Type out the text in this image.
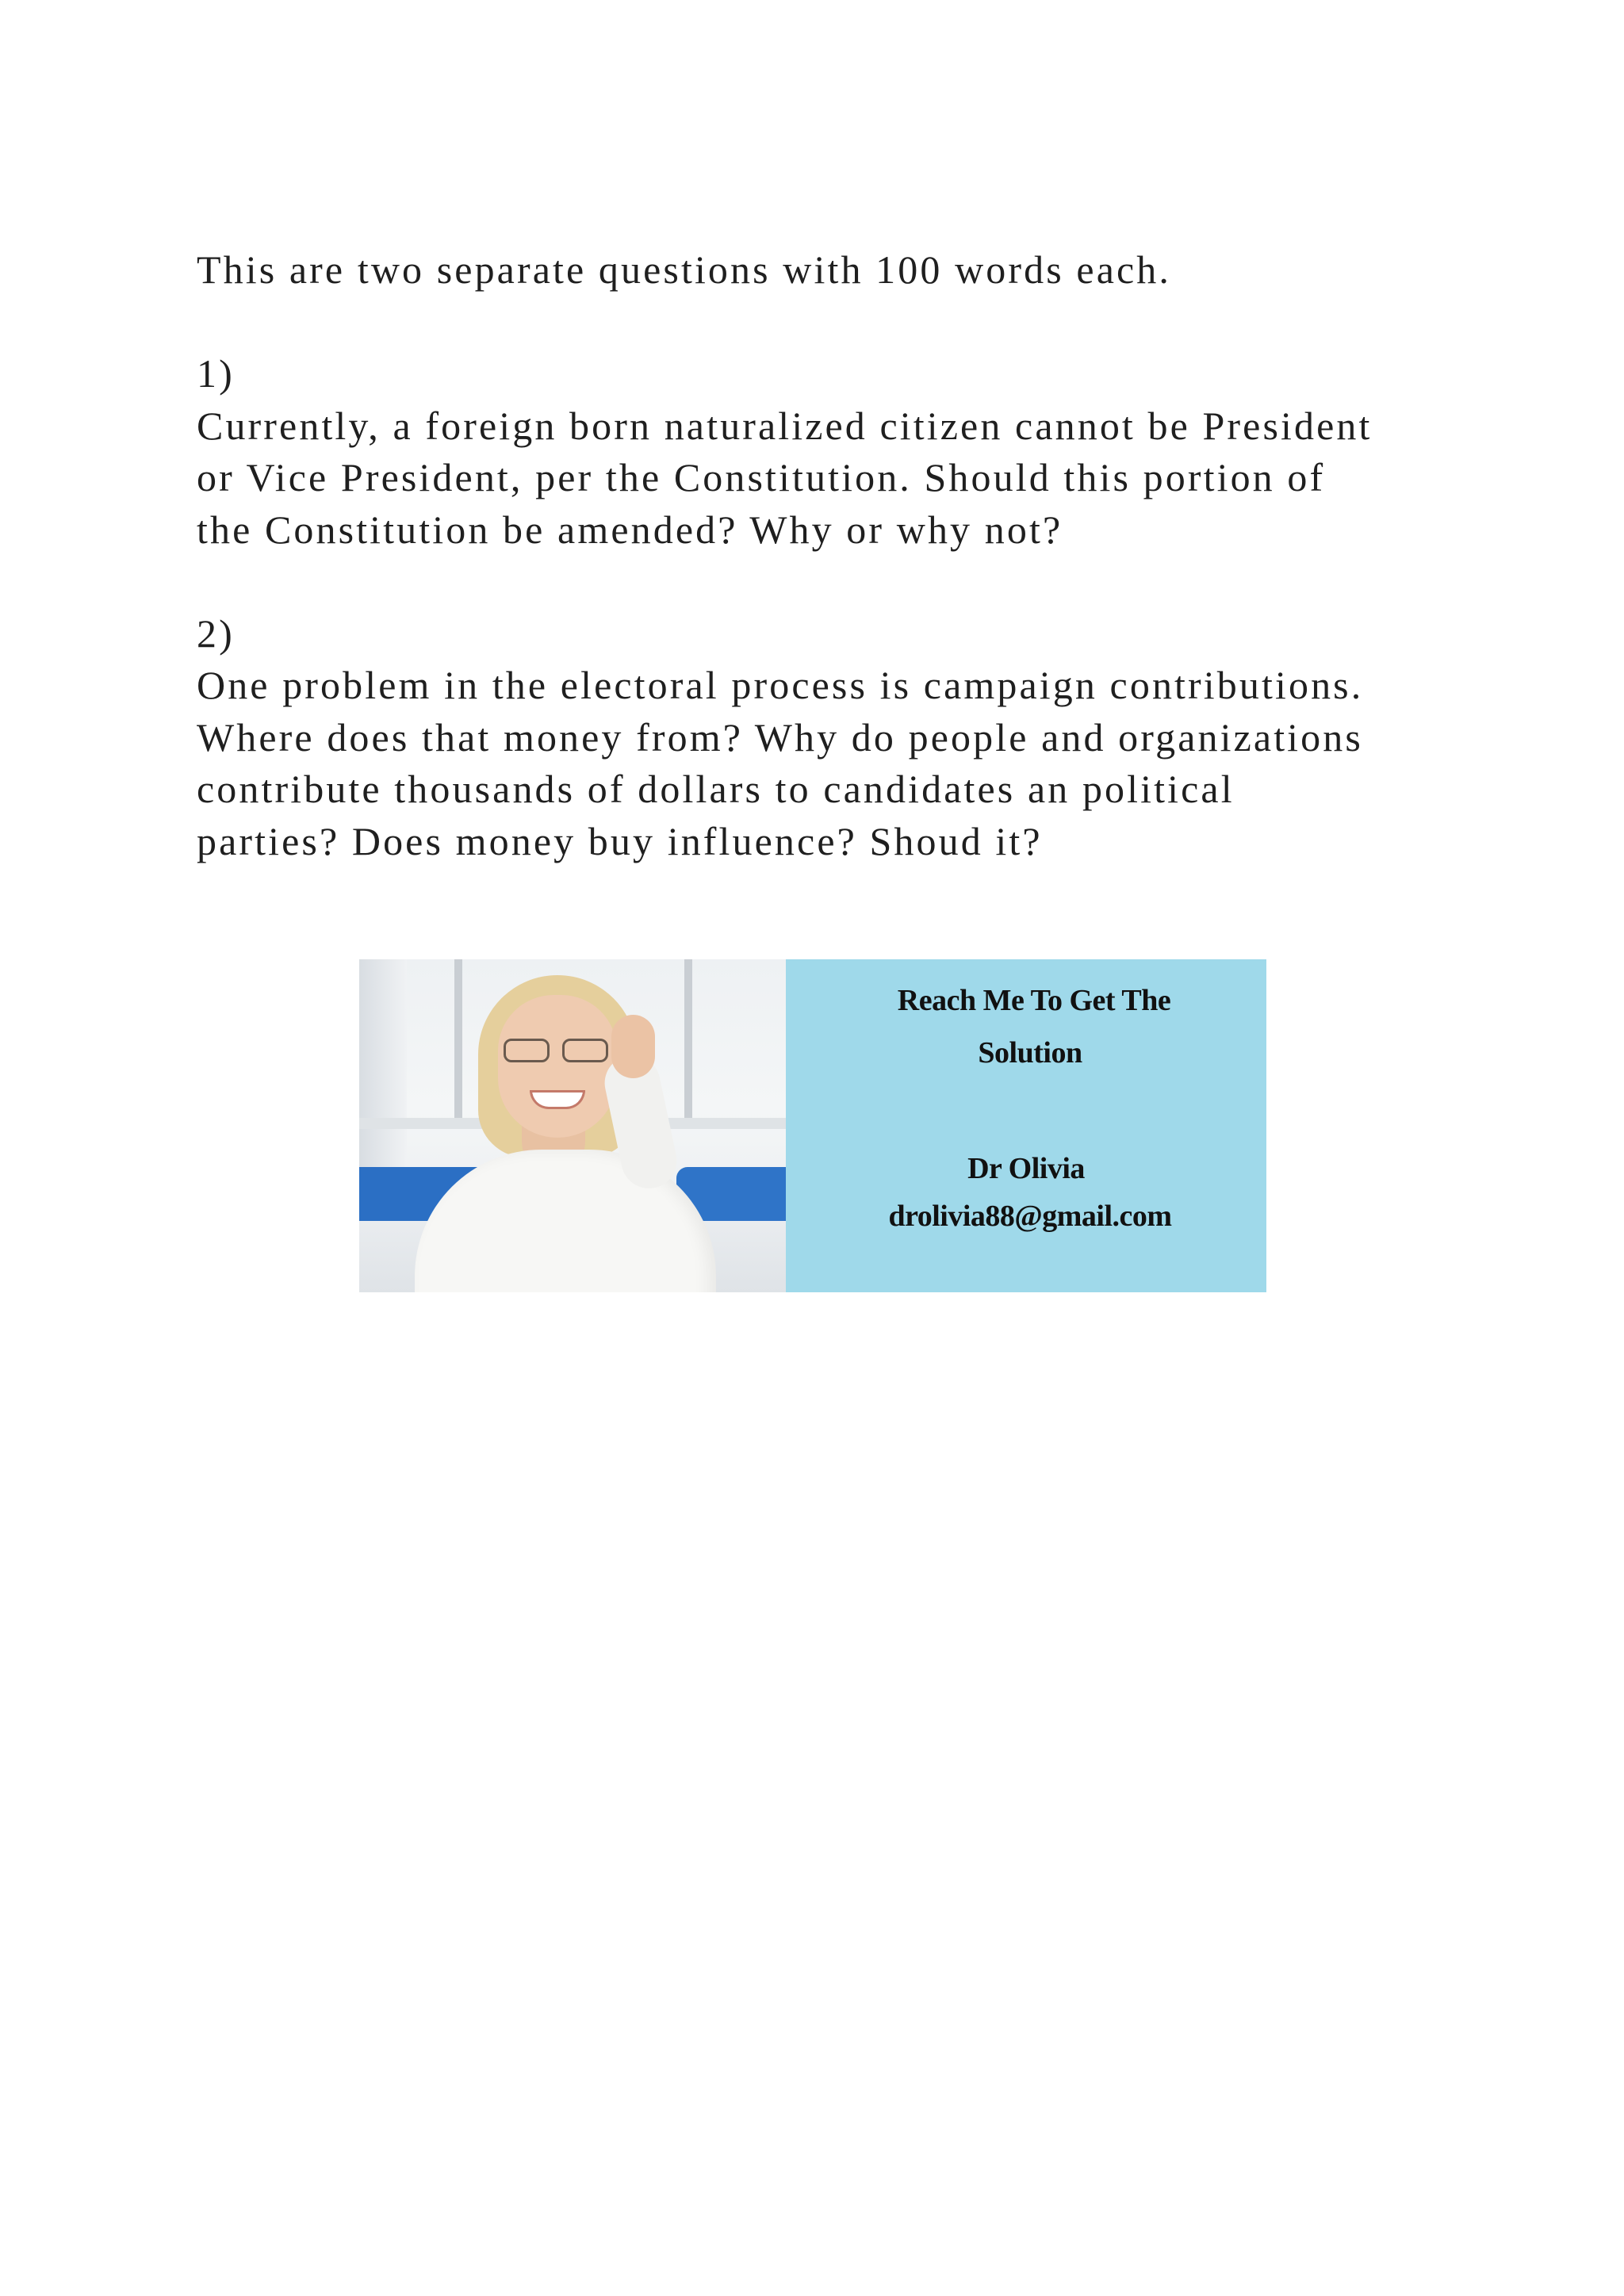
This are two separate questions with 100 words each.
1)
Currently, a foreign born naturalized citizen cannot be President
or Vice President, per the Constitution. Should this portion of
the Constitution be amended? Why or why not?
2)
One problem in the electoral process is campaign contributions.
Where does that money from? Why do people and organizations
contribute thousands of dollars to candidates an political
parties? Does money buy influence? Shoud it?
Reach Me To Get The
Solution
Dr Olivia
drolivia88@gmail.com
